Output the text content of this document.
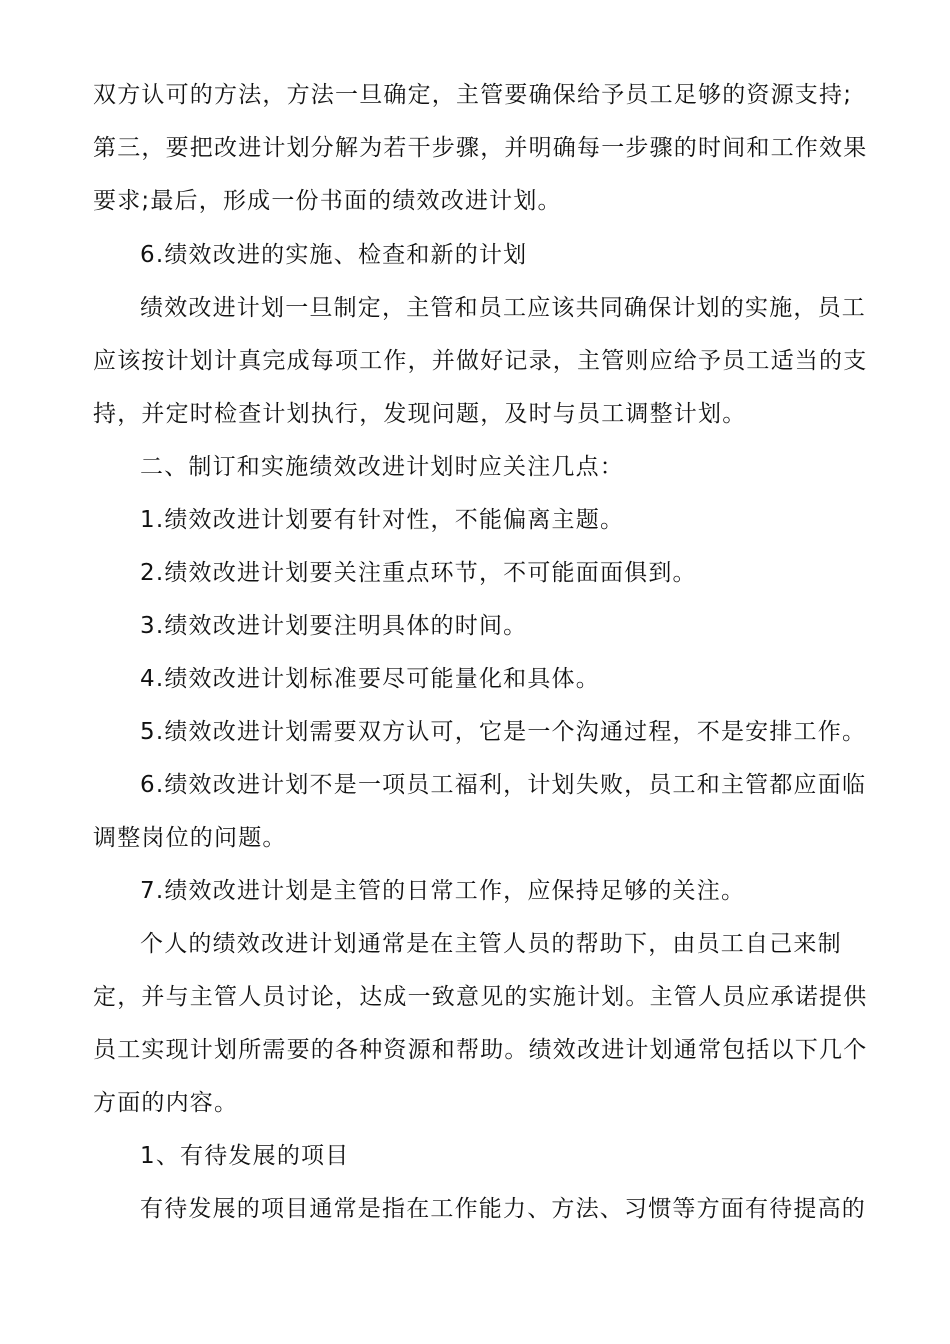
双方认可的方法，方法一旦确定，主管要确保给予员工足够的资源支持;
第三，要把改进计划分解为若干步骤，并明确每一步骤的时间和工作效果
要求;最后，形成一份书面的绩效改进计划。
6.绩效改进的实施、检查和新的计划
绩效改进计划一旦制定，主管和员工应该共同确保计划的实施，员工
应该按计划计真完成每项工作，并做好记录，主管则应给予员工适当的支
持，并定时检查计划执行，发现问题，及时与员工调整计划。
二、制订和实施绩效改进计划时应关注几点：
1.绩效改进计划要有针对性，不能偏离主题。
2.绩效改进计划要关注重点环节，不可能面面俱到。
3.绩效改进计划要注明具体的时间。
4.绩效改进计划标准要尽可能量化和具体。
5.绩效改进计划需要双方认可，它是一个沟通过程，不是安排工作。
6.绩效改进计划不是一项员工福利，计划失败，员工和主管都应面临
调整岗位的问题。
7.绩效改进计划是主管的日常工作，应保持足够的关注。
个人的绩效改进计划通常是在主管人员的帮助下，由员工自己来制
定，并与主管人员讨论，达成一致意见的实施计划。主管人员应承诺提供
员工实现计划所需要的各种资源和帮助。绩效改进计划通常包括以下几个
方面的内容。
1、有待发展的项目
有待发展的项目通常是指在工作能力、方法、习惯等方面有待提高的
